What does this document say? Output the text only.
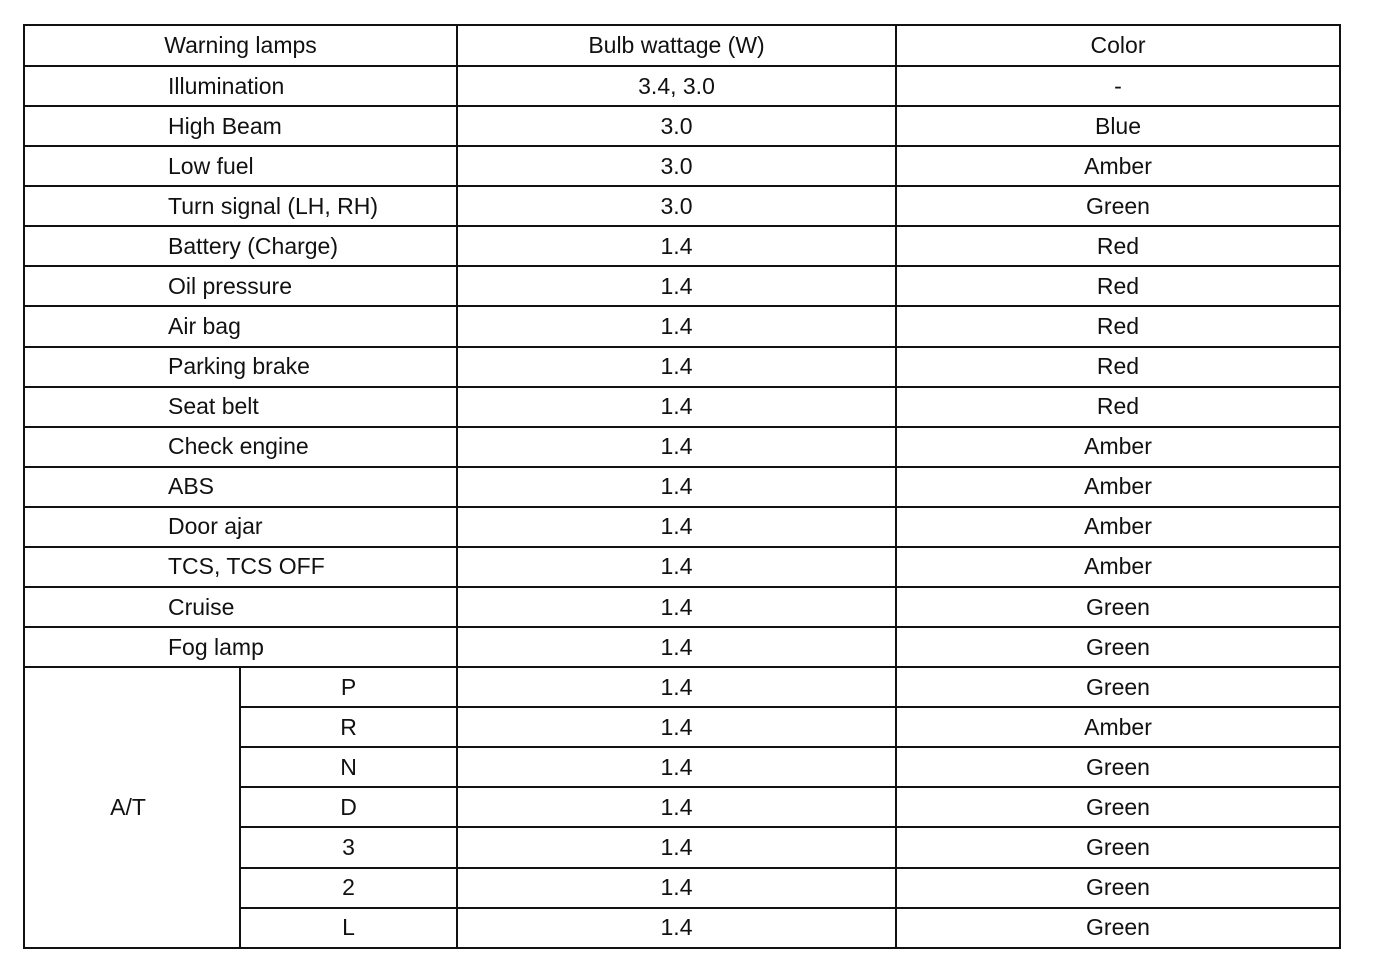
Warning lamps		Bulb wattage (W)	Color
Illumination		3.4, 3.0	-
High Beam		3.0	Blue
Low fuel		3.0	Amber
Turn signal (LH, RH)		3.0	Green
Battery (Charge)		1.4	Red
Oil pressure		1.4	Red
Air bag		1.4	Red
Parking brake		1.4	Red
Seat belt		1.4	Red
Check engine		1.4	Amber
ABS		1.4	Amber
Door ajar		1.4	Amber
TCS, TCS OFF		1.4	Amber
Cruise		1.4	Green
Fog lamp		1.4	Green
A/T	P	1.4	Green
	R	1.4	Amber
	N	1.4	Green
	D	1.4	Green
	3	1.4	Green
	2	1.4	Green
	L	1.4	Green
